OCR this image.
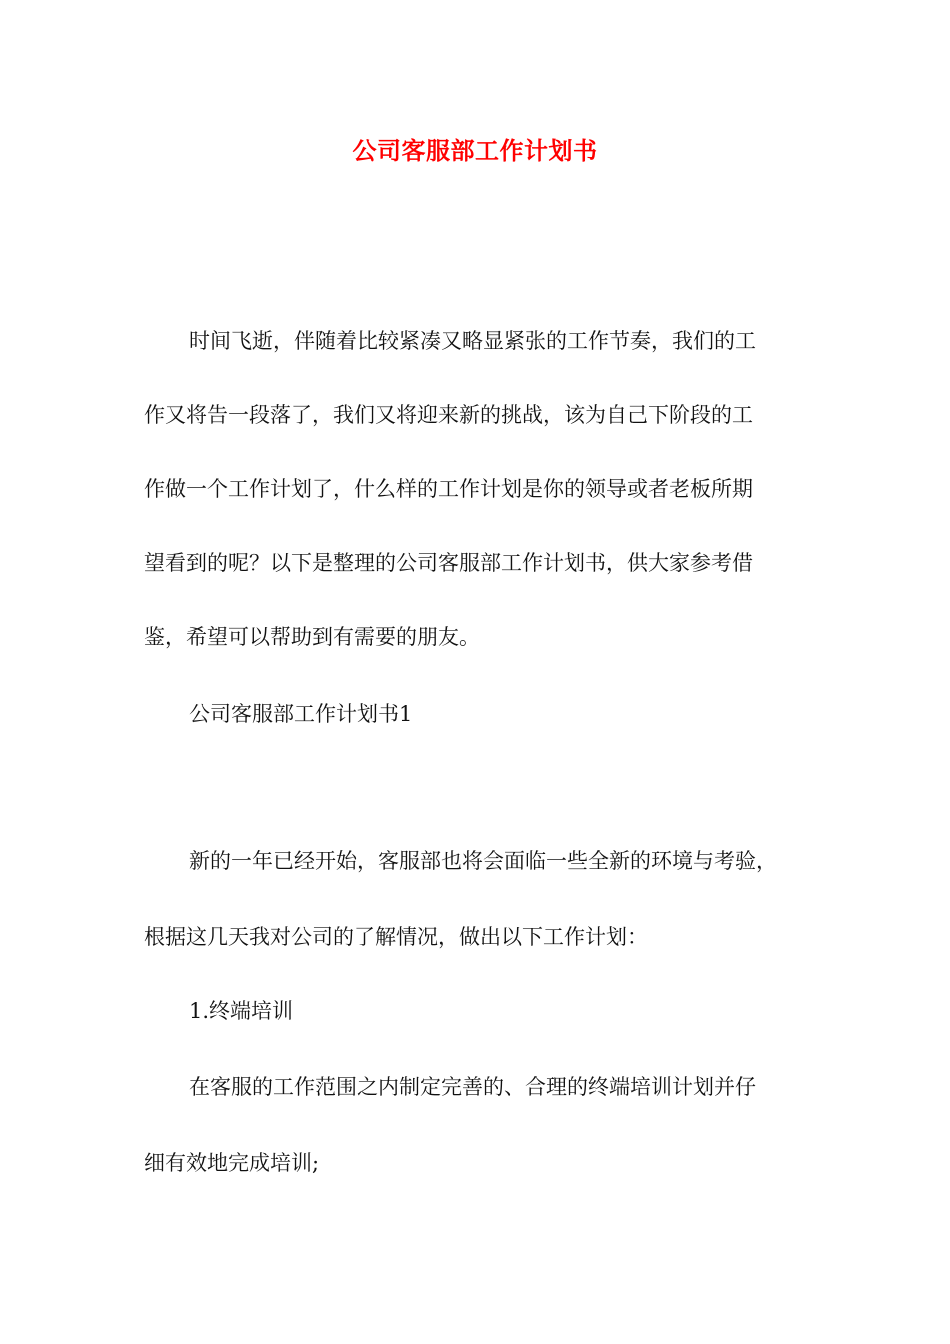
公司客服部工作计划书

时间飞逝，伴随着比较紧凑又略显紧张的工作节奏，我们的工

作又将告一段落了，我们又将迎来新的挑战，该为自己下阶段的工

作做一个工作计划了，什么样的工作计划是你的领导或者老板所期

望看到的呢？以下是整理的公司客服部工作计划书，供大家参考借

鉴，希望可以帮助到有需要的朋友。

公司客服部工作计划书1

新的一年已经开始，客服部也将会面临一些全新的环境与考验，

根据这几天我对公司的了解情况，做出以下工作计划：

1.终端培训

在客服的工作范围之内制定完善的、合理的终端培训计划并仔

细有效地完成培训;
